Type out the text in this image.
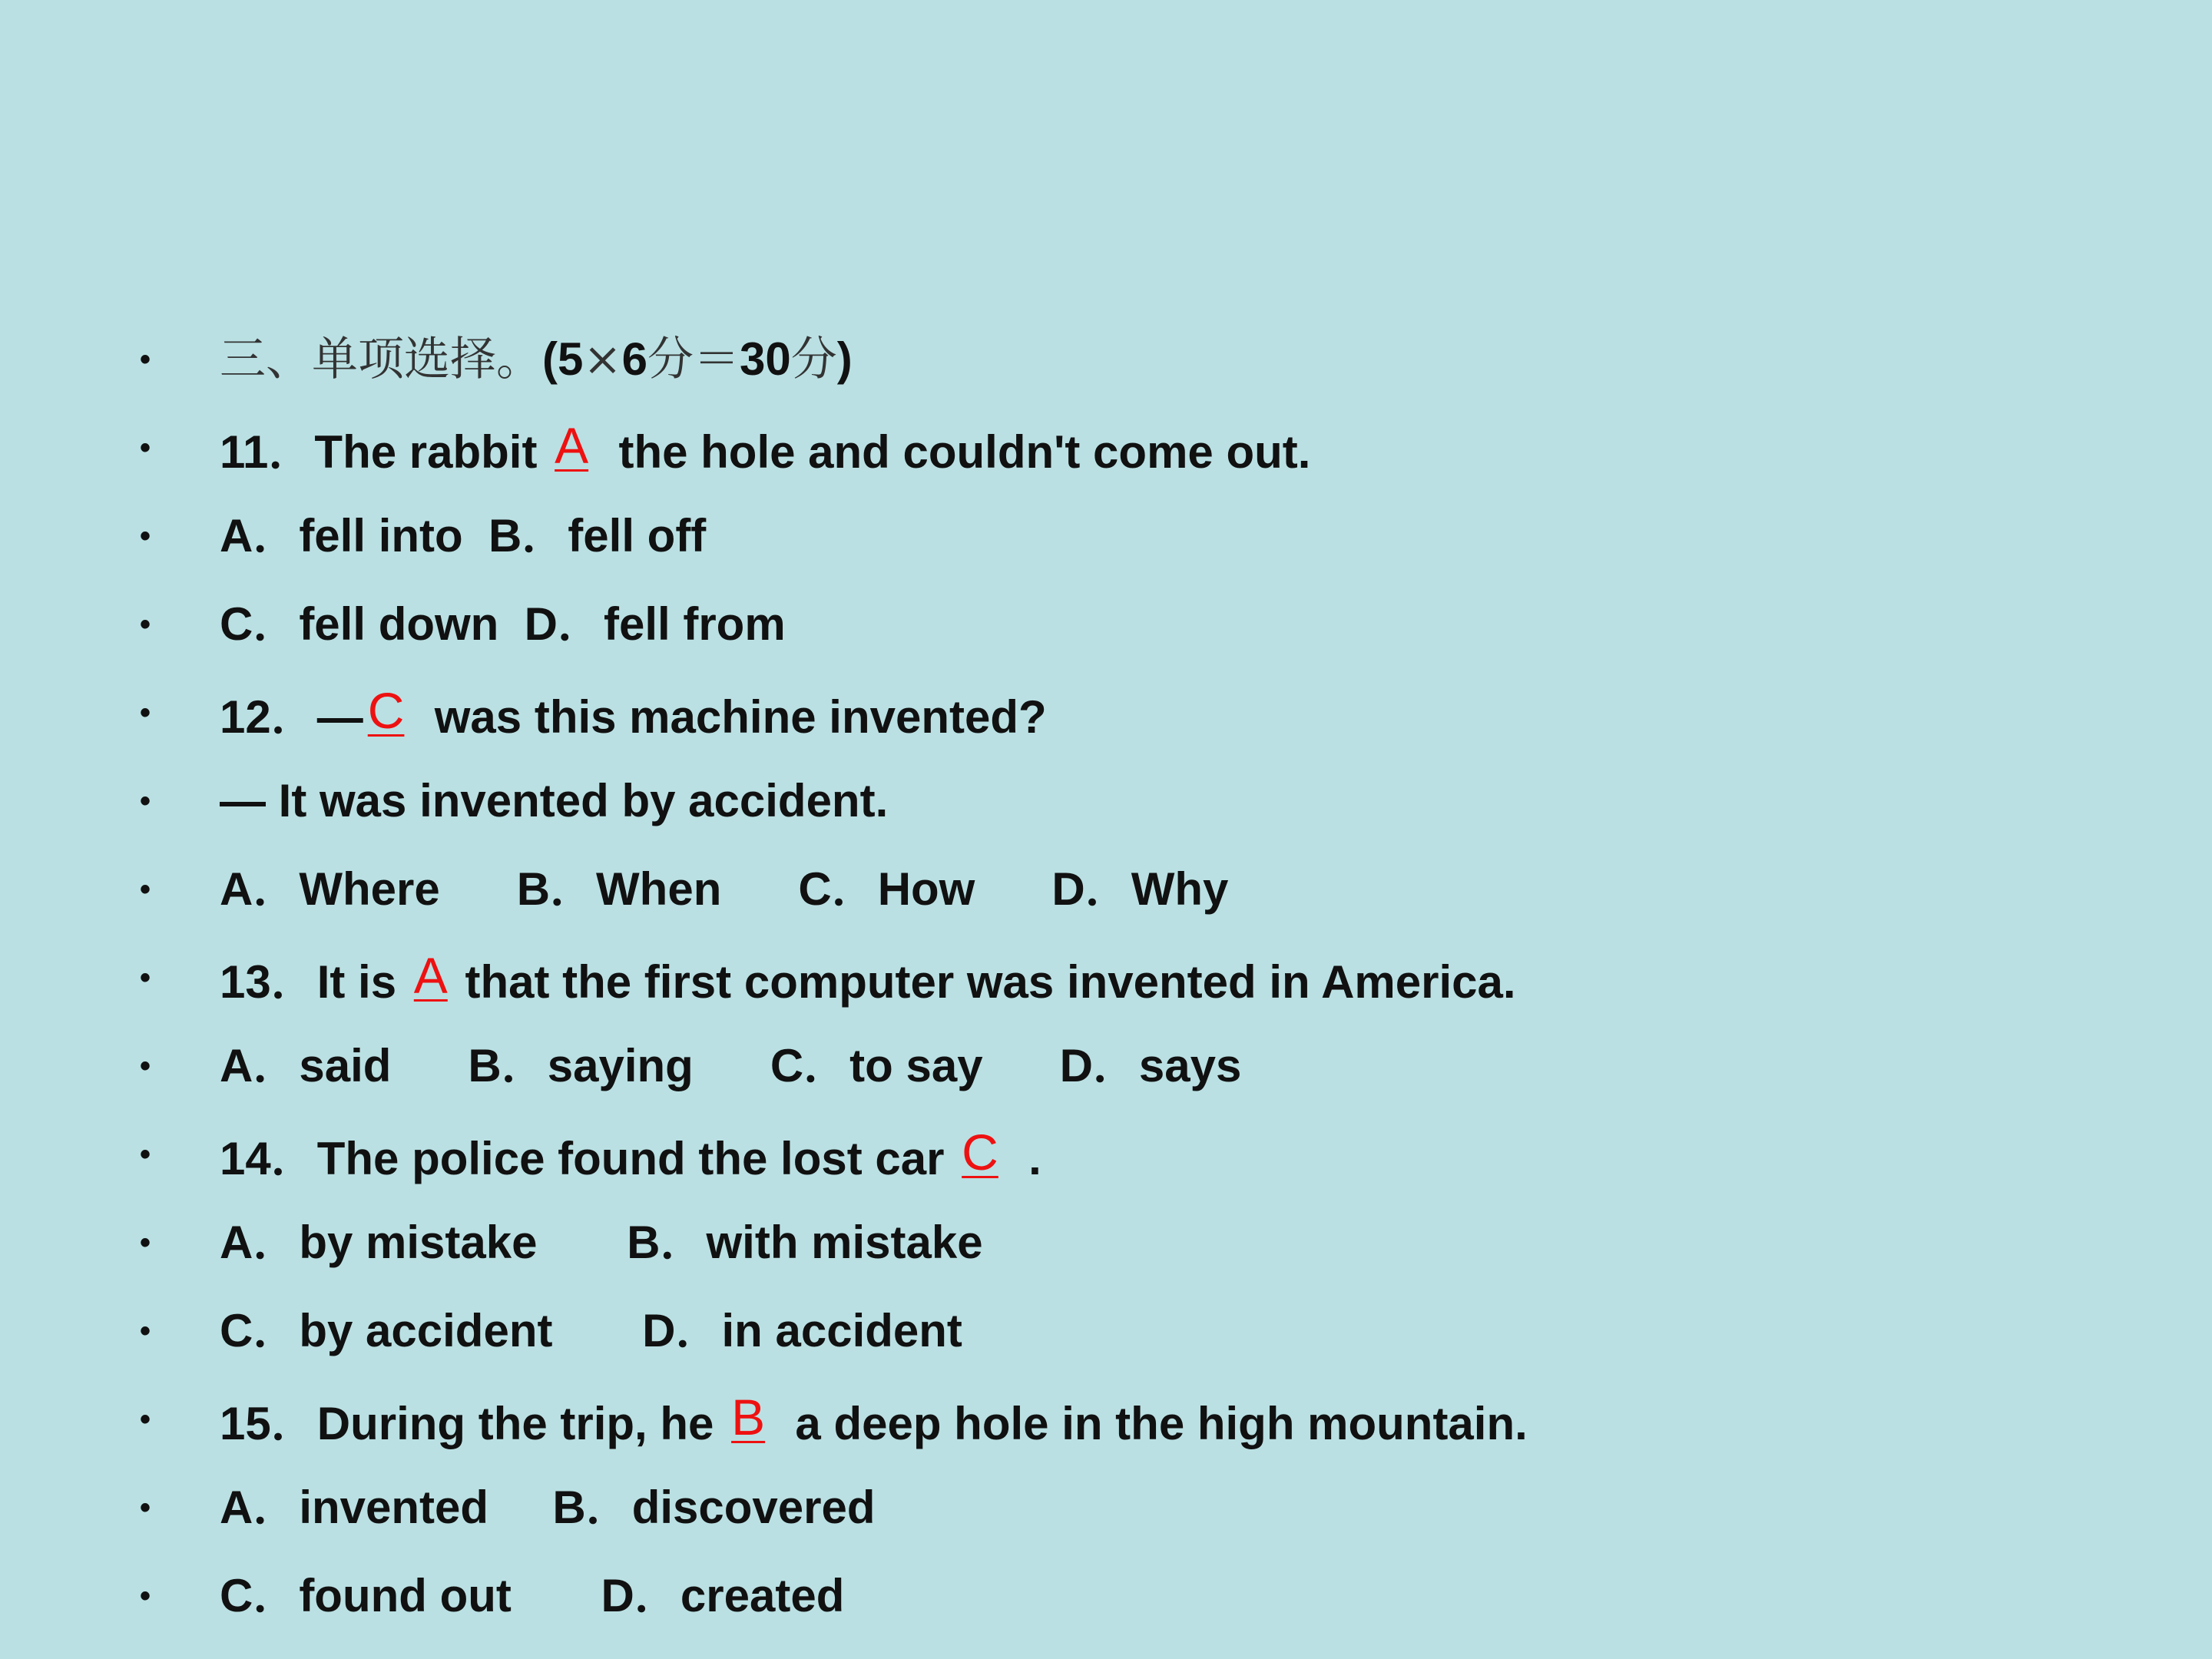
• 三、单项选择。(5×6分＝30分)
• 11．The rabbit A  the hole and couldn't come out.
• A．fell into  B．fell off
• C．fell down  D．fell from
• 12．—C  was this machine invented?
• — It was invented by accident.
• A．Where      B．When      C．How      D．Why
• 13．It is A that the first computer was invented in America.
• A．said      B．saying      C．to say      D．says
• 14．The police found the lost car C  .
• A．by mistake       B．with mistake
• C．by accident       D．in accident
• 15．During the trip, he B  a deep hole in the high mountain.
• A．invented     B．discovered
• C．found out       D．created
